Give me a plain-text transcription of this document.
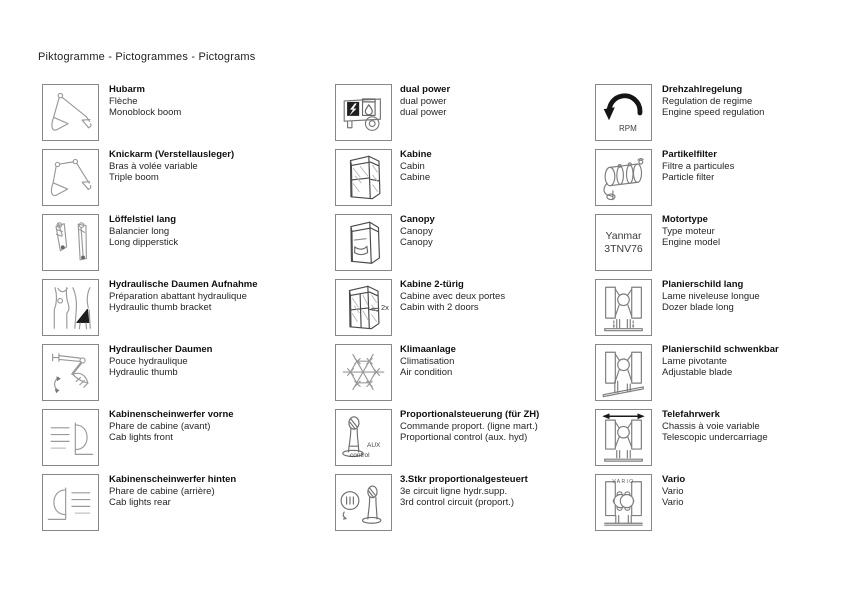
Piktogramme - Pictogrammes - Pictograms
Hubarm
Flèche
Monoblock boom
Knickarm (Verstellausleger)
Bras à volée variable
Triple boom
Löffelstiel lang
Balancier long
Long dipperstick
Hydraulische Daumen Aufnahme
Préparation abattant hydraulique
Hydraulic thumb bracket
Hydraulischer Daumen
Pouce hydraulique
Hydraulic thumb
Kabinenscheinwerfer vorne
Phare de cabine (avant)
Cab lights front
Kabinenscheinwerfer hinten
Phare de cabine (arrière)
Cab lights rear
dual power
dual power
dual power
Kabine
Cabin
Cabine
Canopy
Canopy
Canopy
2x
Kabine 2-türig
Cabine avec deux portes
Cabin with 2 doors
Klimaanlage
Climatisation
Air condition
AUX
control
Proportionalsteuerung (für ZH)
Commande proport. (ligne mart.)
Proportional control (aux. hyd)
3.Stkr proportionalgesteuert
3e circuit ligne hydr.supp.
3rd control circuit (proport.)
RPM
Drehzahlregelung
Regulation de regime
Engine speed regulation
Partikelfilter
Filtre a particules
Particle filter
Yanmar
3TNV76
Motortype
Type moteur
Engine model
Planierschild lang
Lame niveleuse longue
Dozer blade long
Planierschild schwenkbar
Lame pivotante
Adjustable blade
Telefahrwerk
Chassis à voie variable
Telescopic undercarriage
VARIO	Vario
Vario
Vario
